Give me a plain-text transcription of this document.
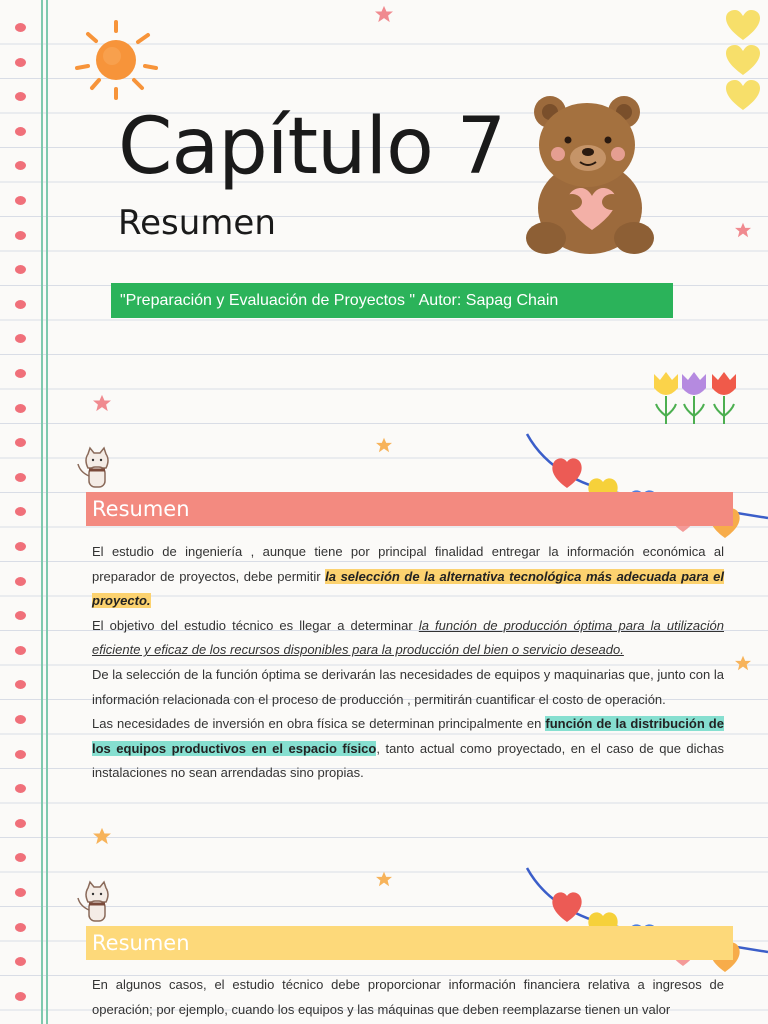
Capítulo 7
Resumen
"Preparación y Evaluación de Proyectos " Autor: Sapag Chain
Resumen

El estudio de ingeniería , aunque tiene por principal finalidad entregar la información económica al preparador de proyectos, debe permitir la selección de la alternativa tecnológica más adecuada para el proyecto.

El objetivo del estudio técnico es llegar a determinar la función de producción óptima para la utilización eficiente y eficaz de los recursos disponibles para la producción del bien o servicio deseado.

De la selección de la función óptima se derivarán las necesidades de equipos y maquinarias que, junto con la información relacionada con el proceso de producción , permitirán cuantificar el costo de operación.

Las necesidades de inversión en obra física se determinan principalmente en función de la distribución de los equipos productivos en el espacio físico, tanto actual como proyectado, en el caso de que dichas instalaciones no sean arrendadas sino propias.

Resumen

En algunos casos, el estudio técnico debe proporcionar información financiera relativa a ingresos de operación; por ejemplo, cuando los equipos y las máquinas que deben reemplazarse tienen un valor
